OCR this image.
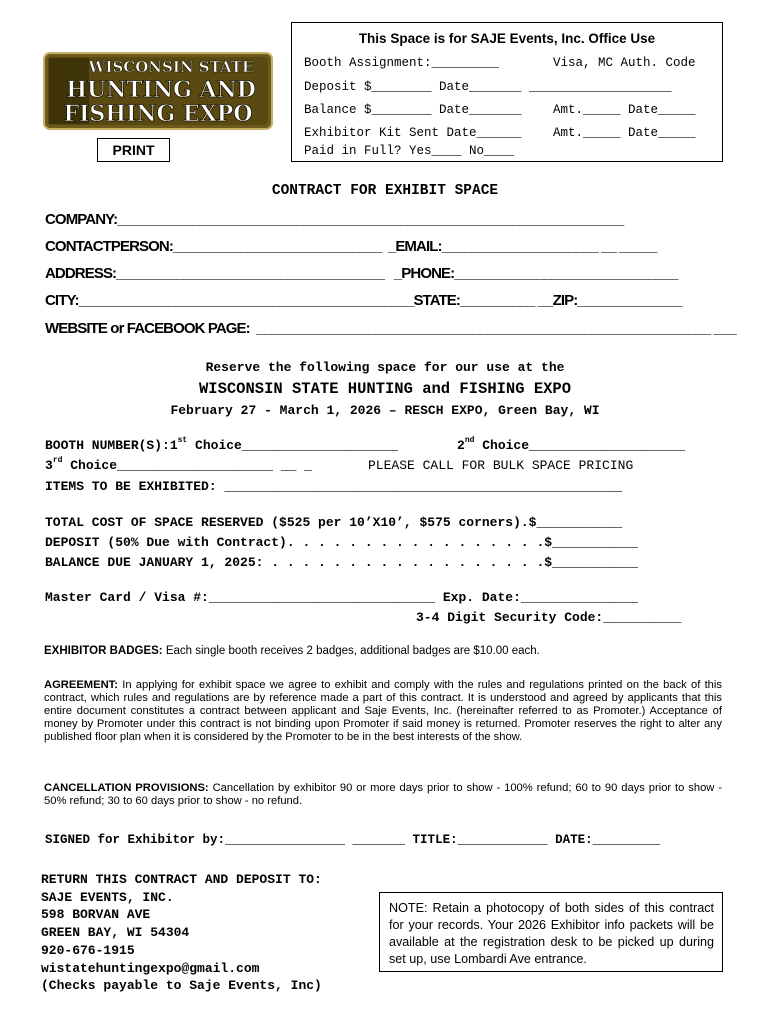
This Space is for SAJE Events, Inc. Office Use
Booth Assignment:_________	Visa, MC Auth. Code
Deposit $________ Date_______ ___________________
Balance $________ Date_______	Amt._____ Date_____
Exhibitor Kit Sent Date______	Amt._____ Date_____
Paid in Full? Yes____ No____
WISCONSIN STATE
HUNTING AND
FISHING EXPO
PRINT
CONTRACT FOR EXHIBIT SPACE
COMPANY:____________________________________________________________________
CONTACTPERSON:____________________________  _EMAIL:_____________________ __ _____
ADDRESS:____________________________________   _PHONE:______________________________
CITY:_____________________________________________STATE:__________ __ZIP:______________
WEBSITE or FACEBOOK PAGE:  _____________________________________________________________ ___
Reserve the following space for our use at the
WISCONSIN STATE HUNTING and FISHING EXPO
February 27 - March 1, 2026 – RESCH EXPO, Green Bay, WI
BOOTH NUMBER(S):1st Choice____________________	2nd Choice____________________
3rd Choice____________________ __ _	PLEASE CALL FOR BULK SPACE PRICING
ITEMS TO BE EXHIBITED: ___________________________________________________
TOTAL COST OF SPACE RESERVED ($525 per 10’X10’, $575 corners).$___________
DEPOSIT (50% Due with Contract). . . . . . . . . . . . . . . . .$___________
BALANCE DUE JANUARY 1, 2025: . . . . . . . . . . . . . . . . . .$___________
Master Card / Visa #:_____________________________ Exp. Date:_______________
3-4 Digit Security Code:__________
EXHIBITOR BADGES: Each single booth receives 2 badges, additional badges are $10.00 each.
AGREEMENT: In applying for exhibit space we agree to exhibit and comply with the rules and regulations printed on the back of this contract, which rules and regulations are by reference made a part of this contract. It is understood and agreed by applicants that this entire document constitutes a contract between applicant and Saje Events, Inc. (hereinafter referred to as Promoter.) Acceptance of money by Promoter under this contract is not binding upon Promoter if said money is returned. Promoter reserves the right to alter any published floor plan when it is considered by the Promoter to be in the best interests of the show.
CANCELLATION PROVISIONS: Cancellation by exhibitor 90 or more days prior to show - 100% refund; 60 to 90 days prior to show - 50% refund; 30 to 60 days prior to show - no refund.
SIGNED for Exhibitor by:________________ _______ TITLE:____________ DATE:_________
RETURN THIS CONTRACT AND DEPOSIT TO:
SAJE EVENTS, INC.
598 BORVAN AVE
GREEN BAY, WI 54304
920-676-1915
wistatehuntingexpo@gmail.com
(Checks payable to Saje Events, Inc)
NOTE: Retain a photocopy of both sides of this contract for your records. Your 2026 Exhibitor info packets will be available at the registration desk to be picked up during set up, use Lombardi Ave entrance.
